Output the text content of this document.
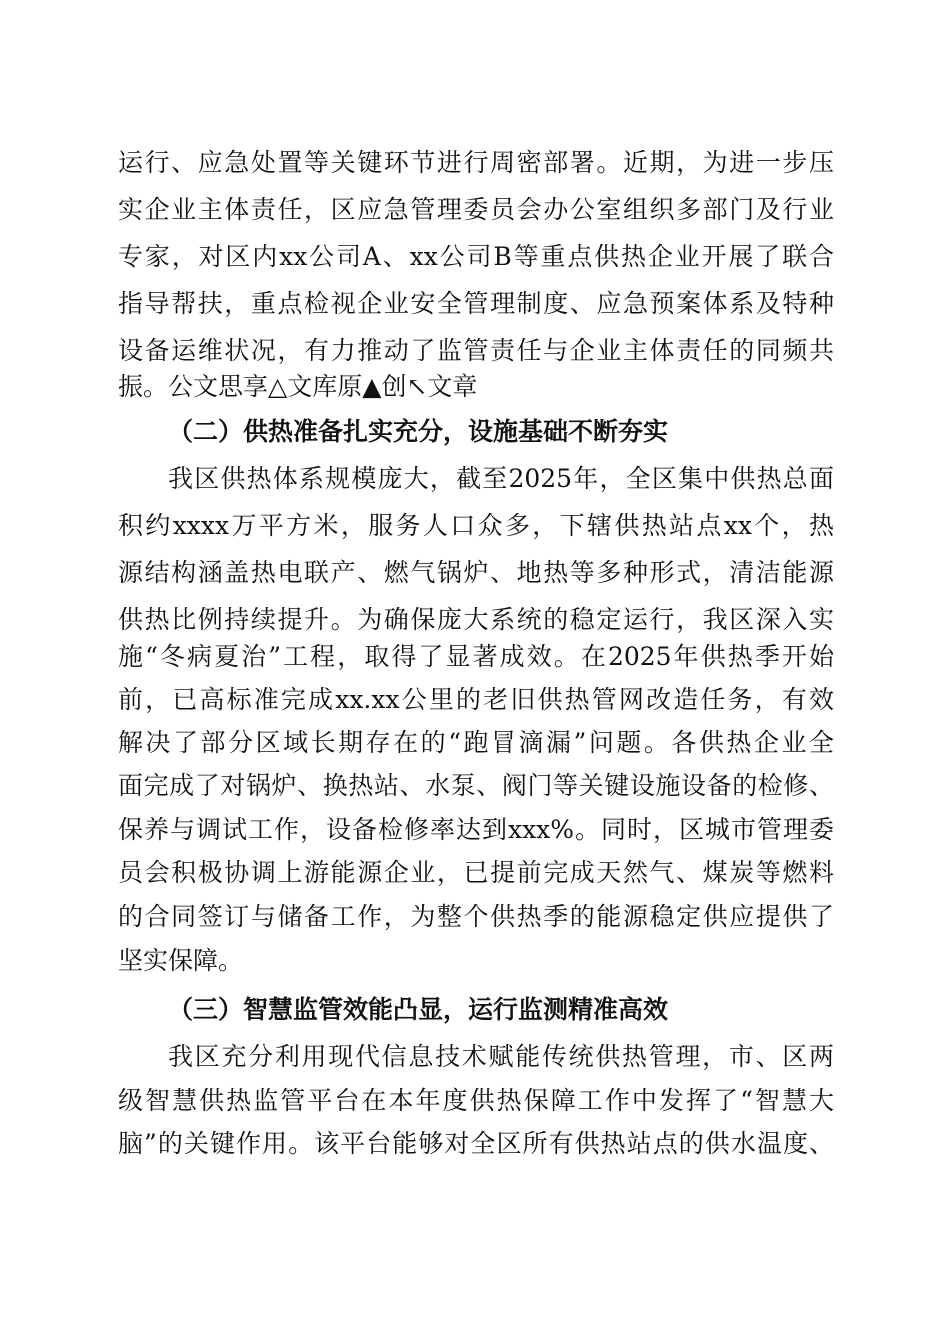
运行、应急处置等关键环节进行周密部署。近期，为进一步压
实企业主体责任，区应急管理委员会办公室组织多部门及行业
专家，对区内xx公司A、xx公司B等重点供热企业开展了联合
指导帮扶，重点检视企业安全管理制度、应急预案体系及特种
设备运维状况，有力推动了监管责任与企业主体责任的同频共
振。公文思享△文库原▲创↖文章
（二）供热准备扎实充分，设施基础不断夯实
我区供热体系规模庞大，截至2025年，全区集中供热总面
积约xxxx万平方米，服务人口众多，下辖供热站点xx个，热
源结构涵盖热电联产、燃气锅炉、地热等多种形式，清洁能源
供热比例持续提升。为确保庞大系统的稳定运行，我区深入实
施“冬病夏治”工程，取得了显著成效。在2025年供热季开始
前，已高标准完成xx.xx公里的老旧供热管网改造任务，有效
解决了部分区域长期存在的“跑冒滴漏”问题。各供热企业全
面完成了对锅炉、换热站、水泵、阀门等关键设施设备的检修、
保养与调试工作，设备检修率达到xxx%。同时，区城市管理委
员会积极协调上游能源企业，已提前完成天然气、煤炭等燃料
的合同签订与储备工作，为整个供热季的能源稳定供应提供了
坚实保障。
（三）智慧监管效能凸显，运行监测精准高效
我区充分利用现代信息技术赋能传统供热管理，市、区两
级智慧供热监管平台在本年度供热保障工作中发挥了“智慧大
脑”的关键作用。该平台能够对全区所有供热站点的供水温度、
